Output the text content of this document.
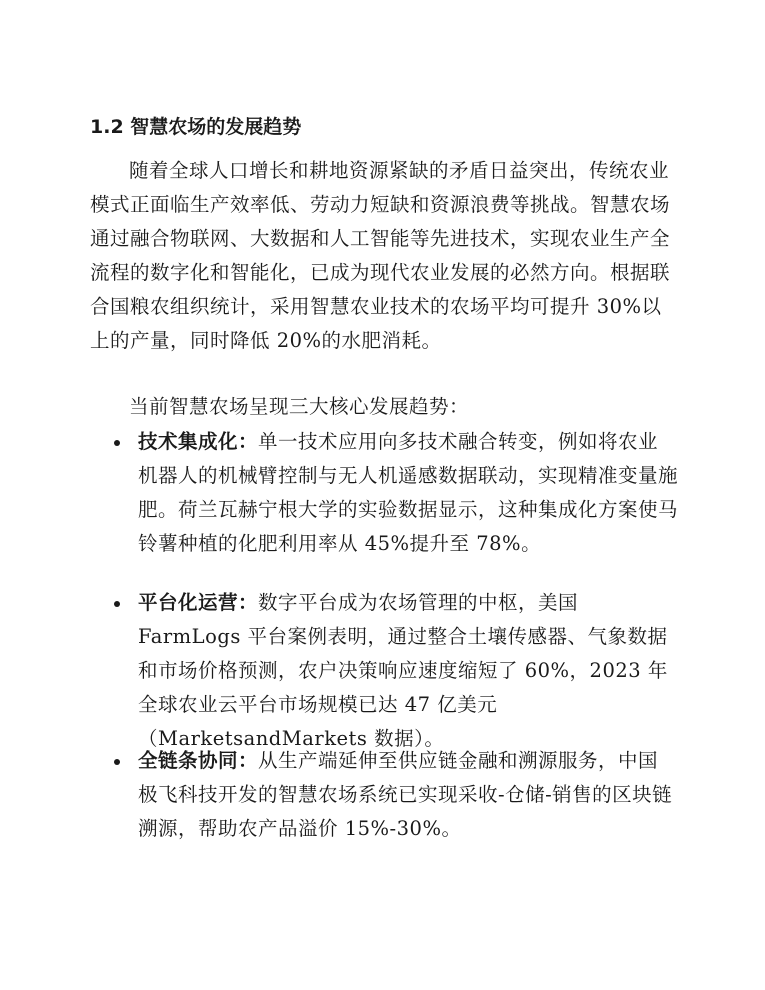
1.2 智慧农场的发展趋势
随着全球人口增长和耕地资源紧缺的矛盾日益突出，传统农业模式正面临生产效率低、劳动力短缺和资源浪费等挑战。智慧农场通过融合物联网、大数据和人工智能等先进技术，实现农业生产全流程的数字化和智能化，已成为现代农业发展的必然方向。根据联合国粮农组织统计，采用智慧农业技术的农场平均可提升 30%以上的产量，同时降低 20%的水肥消耗。
当前智慧农场呈现三大核心发展趋势：
技术集成化：单一技术应用向多技术融合转变，例如将农业机器人的机械臂控制与无人机遥感数据联动，实现精准变量施肥。荷兰瓦赫宁根大学的实验数据显示，这种集成化方案使马铃薯种植的化肥利用率从 45%提升至 78%。
平台化运营：数字平台成为农场管理的中枢，美国 FarmLogs 平台案例表明，通过整合土壤传感器、气象数据和市场价格预测，农户决策响应速度缩短了 60%，2023 年全球农业云平台市场规模已达 47 亿美元（MarketsandMarkets 数据）。
全链条协同：从生产端延伸至供应链金融和溯源服务，中国极飞科技开发的智慧农场系统已实现采收-仓储-销售的区块链溯源，帮助农产品溢价 15%-30%。
